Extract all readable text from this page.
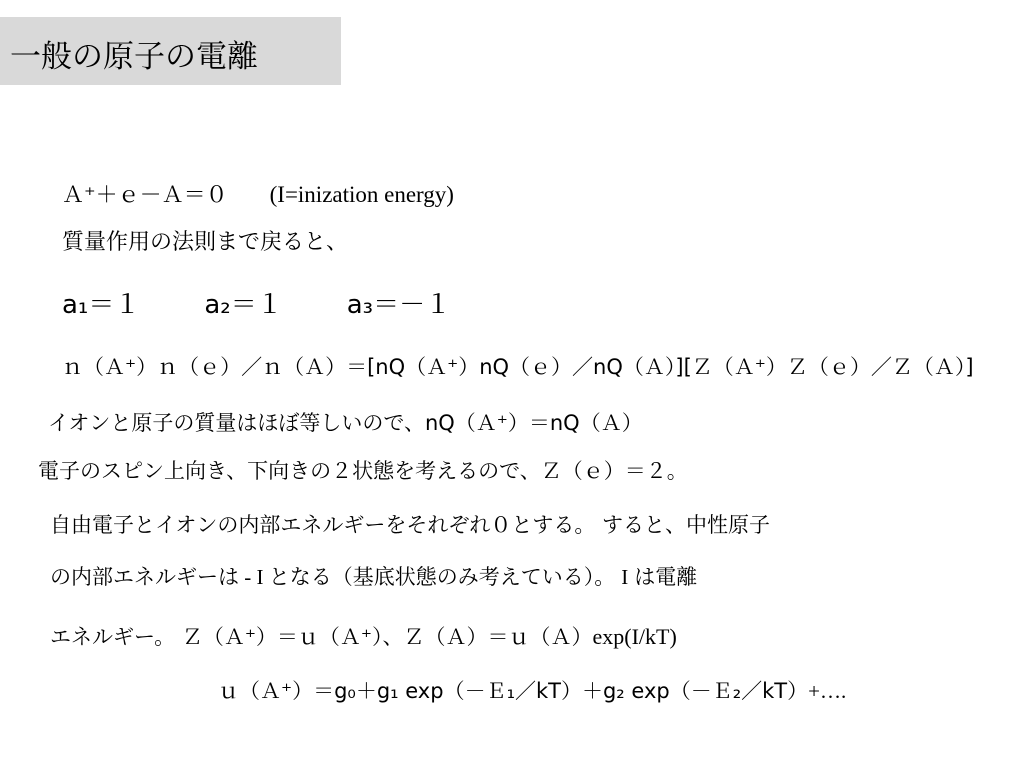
一般の原子の電離
Ａ⁺＋ｅ－Ａ＝０ (I=inization energy)
質量作用の法則まで戻ると、
a₁＝１ a₂＝１ a₃＝－１
ｎ（Ａ⁺）ｎ（ｅ）／ｎ（Ａ）＝[nQ（Ａ⁺）nQ（ｅ）／nQ（Ａ）][Ｚ（Ａ⁺）Ｚ（ｅ）／Ｚ（Ａ）]
イオンと原子の質量はほぼ等しいので、nQ（Ａ⁺）＝nQ（Ａ）
電子のスピン上向き、下向きの２状態を考えるので、Ｚ（ｅ）＝２。
自由電子とイオンの内部エネルギーをそれぞれ０とする。 すると、中性原子
の内部エネルギーは - I となる（基底状態のみ考えている）。 I は電離
エネルギー。 Ｚ（Ａ⁺）＝ｕ（Ａ⁺）、Ｚ（Ａ）＝ｕ（Ａ）exp(I/kT)
ｕ（Ａ⁺）＝g₀＋g₁ exp（－Ｅ₁／kT）＋g₂ exp（－Ｅ₂／kT）+….
